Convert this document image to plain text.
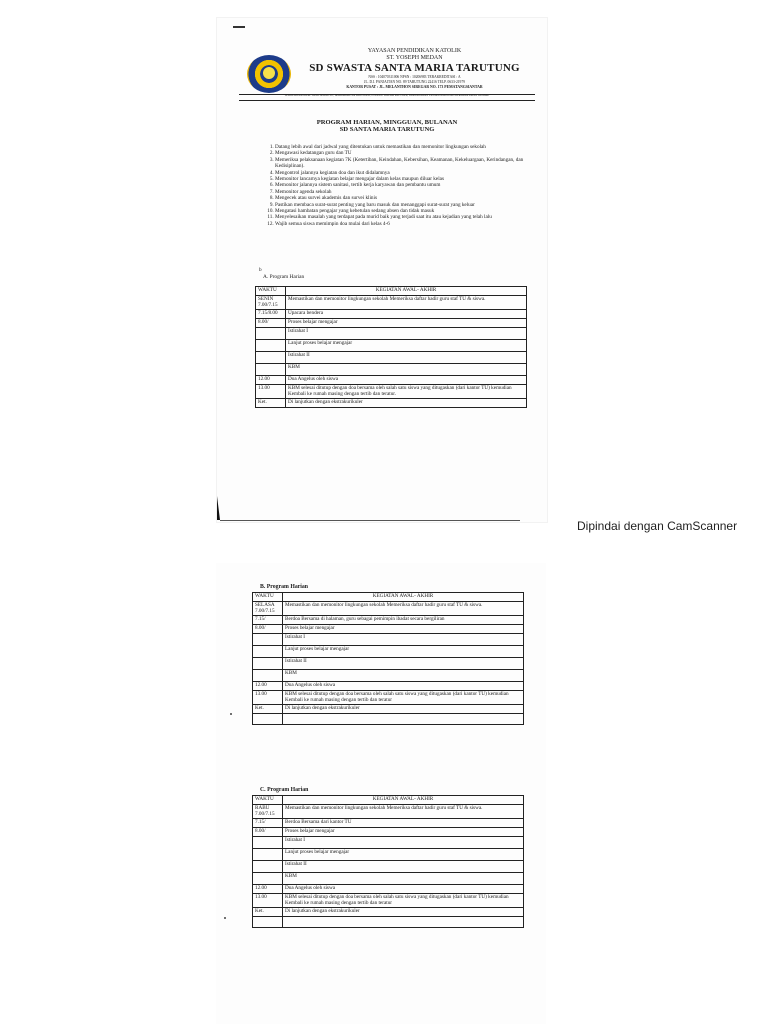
YAYASAN PENDIDIKAN KATOLIK
ST. YOSEPH MEDAN
SD SWASTA SANTA MARIA TARUTUNG
NSS : 104070311006 NPSN : 10206983 TERAKREDITASI : A
JL. D.I. PANJAITAN NO. 89 TARUTUNG 22416 TELP. 0633-21979
KANTOR PUSAT : JL. MELANTHON SIREGAR NO. 173 PEMATANGSIANTAR
"SEKOLAH KATOLIK YANG BERMUTU, BERKARAKTER KRISTIANI, UNGGUL DALAM PRESTASI, BERWAWASAN LINGKUNGAN DAN BERDAYA SAING GLOBAL"
PROGRAM HARIAN, MINGGUAN, BULANAN
SD SANTA MARIA TARUTUNG
1. Datang lebih awal dari jadwal yang ditentukan untuk memastikan dan memonitor lingkungan sekolah
2. Mengawasi kedatangan guru dan TU
3. Memeriksa pelaksanaan kegiatan 7K (Ketertiban, Keindahan, Kebersihan, Keamanan, Kekeluargaan, Kerindangan, dan Kedisiplinan).
4. Mengontrol jalannya kegiatan doa dan ikut didalamnya
5. Memonitor lancarnya kegiatan belajar mengajar dalam kelas maupun diluar kelas
6. Memonitor jalannya sistem sanitasi, tertib kerja karyawan dan pembantu umum
7. Memonitor agenda sekolah
8. Mengecek atau survei akademis dan survei klinis
9. Pastikan membaca surat-surat penting yang baru masuk dan menanggapi surat-surat yang keluar
10. Mengatasi hambatan pengajar yang kebetulan sedang absen dan tidak masuk
11. Menyelesaikan masalah yang terdapat pada murid baik yang terjadi saat itu atau kejadian yang telah lalu
12. Wajib semua siswa memimpin doa mulai dari kelas 4-6
b
A. Program Harian
WAKTU	KEGIATAN AWAL- AKHIR
SENIN 7.00/7.15	Memastikan dan memonitor lingkungan sekolah Memeriksa daftar hadir guru staf TU & siswa.
7.15/8.00	Upacara bendera
8.00/	Proses belajar mengajar
	Istirahat I
	Lanjut proses belajar mengajar
	Istirahat II
	KBM
12.00	Doa Angelus oleh siswa
13.00	KBM selesai ditutup dengan doa bersama oleh salah satu siswa yang ditugaskan (dari kantor TU) kemudian Kembali ke rumah masing dengan tertib dan teratur.
Ket.	Di lanjutkan dengan ekstrakurikuler
Dipindai dengan CamScanner
B. Program Harian
WAKTU	KEGIATAN AWAL- AKHIR
SELASA 7.00/7.15	Memastikan dan memonitor lingkungan sekolah Memeriksa daftar hadir guru staf TU & siswa.
7.15/	Berdoa Bersama di halaman, guru sebagai pemimpin ibadat secara bergiliran
8.00/	Proses belajar mengajar
	Istirahat I
	Lanjut proses belajar mengajar
	Istirahat II
	KBM
12.00	Doa Angelus oleh siswa
13.00	KBM selesai ditutup dengan doa bersama oleh salah satu siswa yang ditugaskan (dari kantor TU) kemudian Kembali ke rumah masing dengan tertib dan teratur
Ket.	Di lanjutkan dengan ekstrakurikuler

C. Program Harian
WAKTU	KEGIATAN AWAL- AKHIR
RABU 7.00/7.15	Memastikan dan memonitor lingkungan sekolah Memeriksa daftar hadir guru staf TU & siswa.
7.15/	Berdoa Bersama dari kantor TU
8.00/	Proses belajar mengajar
	Istirahat I
	Lanjut proses belajar mengajar
	Istirahat II
	KBM
12.00	Doa Angelus oleh siswa
13.00	KBM selesai ditutup dengan doa bersama oleh salah satu siswa yang ditugaskan (dari kantor TU) kemudian Kembali ke rumah masing dengan tertib dan teratur
Ket.	Di lanjutkan dengan ekstrakurikuler
